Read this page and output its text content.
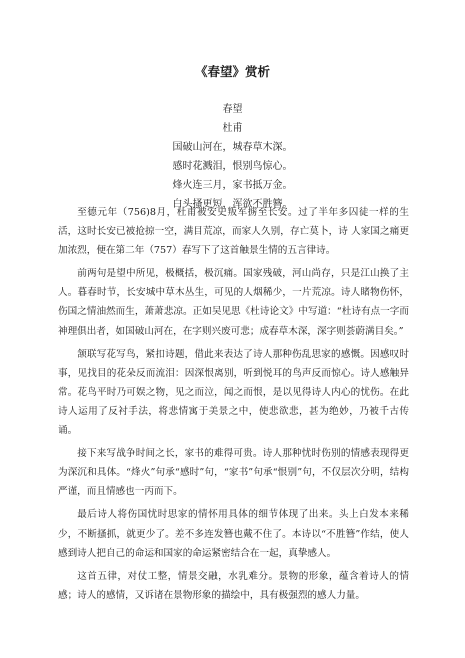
《春望》赏析
春望
杜甫
国破山河在，城春草木深。
感时花溅泪，恨别鸟惊心。
烽火连三月，家书抵万金。
白头搔更短，浑欲不胜簪。

至德元年（756)8月，杜甫被安史叛军掳至长安。过了半年多囚徒一样的生活，这时长安已被抢掠一空，满目荒凉，而家人久别，存亡莫卜，诗 人家国之痛更加浓烈，便在第二年（757）春写下了这首触景生情的五言律诗。

前两句是望中所见，极概括，极沉痛。国家残破，河山尚存，只是江山换了主人。暮春时节，长安城中草木丛生，可见的人烟稀少，一片荒凉。诗人睹物伤怀，伤国之情油然而生，萧萧悲凉。正如吴见思《杜诗论文》中写道：“杜诗有点一字而神理俱出者，如国破山河在，在字则兴废可悲；成春草木深，深字则荟蔚满目矣。”

颔联写花写鸟，紧扣诗题，借此来表达了诗人那种伤乱思家的感慨。因感叹时事，见找目的花朵反而流泪：因深恨离别，听到悦耳的鸟声反而惊心。诗人感触异常。花鸟平时乃可娱之物，见之而泣，闻之而恨，是以见得诗人内心的忧伤。在此诗人运用了反衬手法，将悲情寓于美景之中，使悲欲悲，甚为绝妙，乃被千古传诵。

接下来写战争时间之长，家书的难得可贵。诗人那种忧时伤别的情感表现得更为深沉和具体。“烽火”句承“感时”句，“家书”句承“恨别”句，不仅层次分明，结构严谨，而且情感也一丙而下。

最后诗人将伤国忧时思家的情怀用具体的细节体现了出来。头上白发本来稀少，不断搔抓，就更少了。差不多连发簪也戴不住了。本诗以“不胜簪”作结，使人感到诗人把自己的命运和国家的命运紧密结合在一起，真挚感人。

这首五律，对仗工整，情景交融，水乳难分。景物的形象，蕴含着诗人的情感；诗人的感情，又诉诸在景物形象的描绘中，具有极强烈的感人力量。
